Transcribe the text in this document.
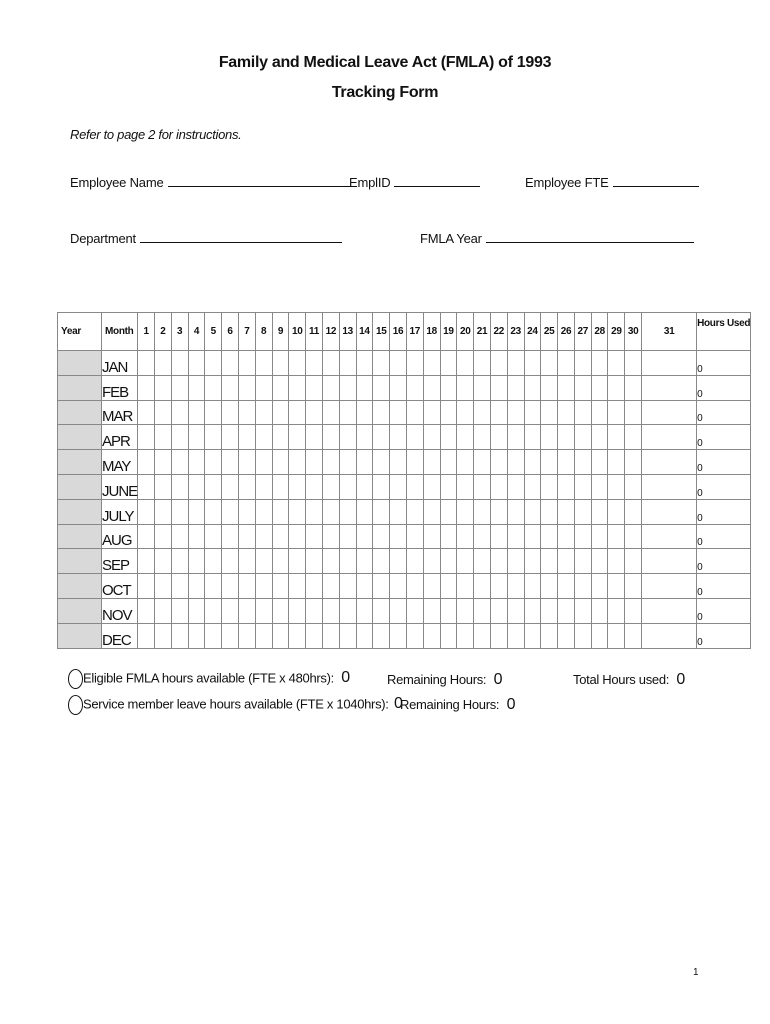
Family and Medical Leave Act (FMLA) of 1993
Tracking Form
Refer to page 2 for instructions.
Employee Name	EmplID	Employee FTE
Department	FMLA Year
Year	Month	1	2	3	4	5	6	7	8	9	10	11	12	13	14	15	16	17	18	19	20	21	22	23	24	25	26	27	28	29	30	31	Hours Used
	JAN																																0
	FEB																																0
	MAR																																0
	APR																																0
	MAY																																0
	JUNE																																0
	JULY																																0
	AUG																																0
	SEP																																0
	OCT																																0
	NOV																																0
	DEC																																0
Eligible FMLA hours available (FTE x 480hrs): 0	Remaining Hours: 0	Total Hours used: 0
Service member leave hours available (FTE x 1040hrs): 0
Remaining Hours: 0
1
